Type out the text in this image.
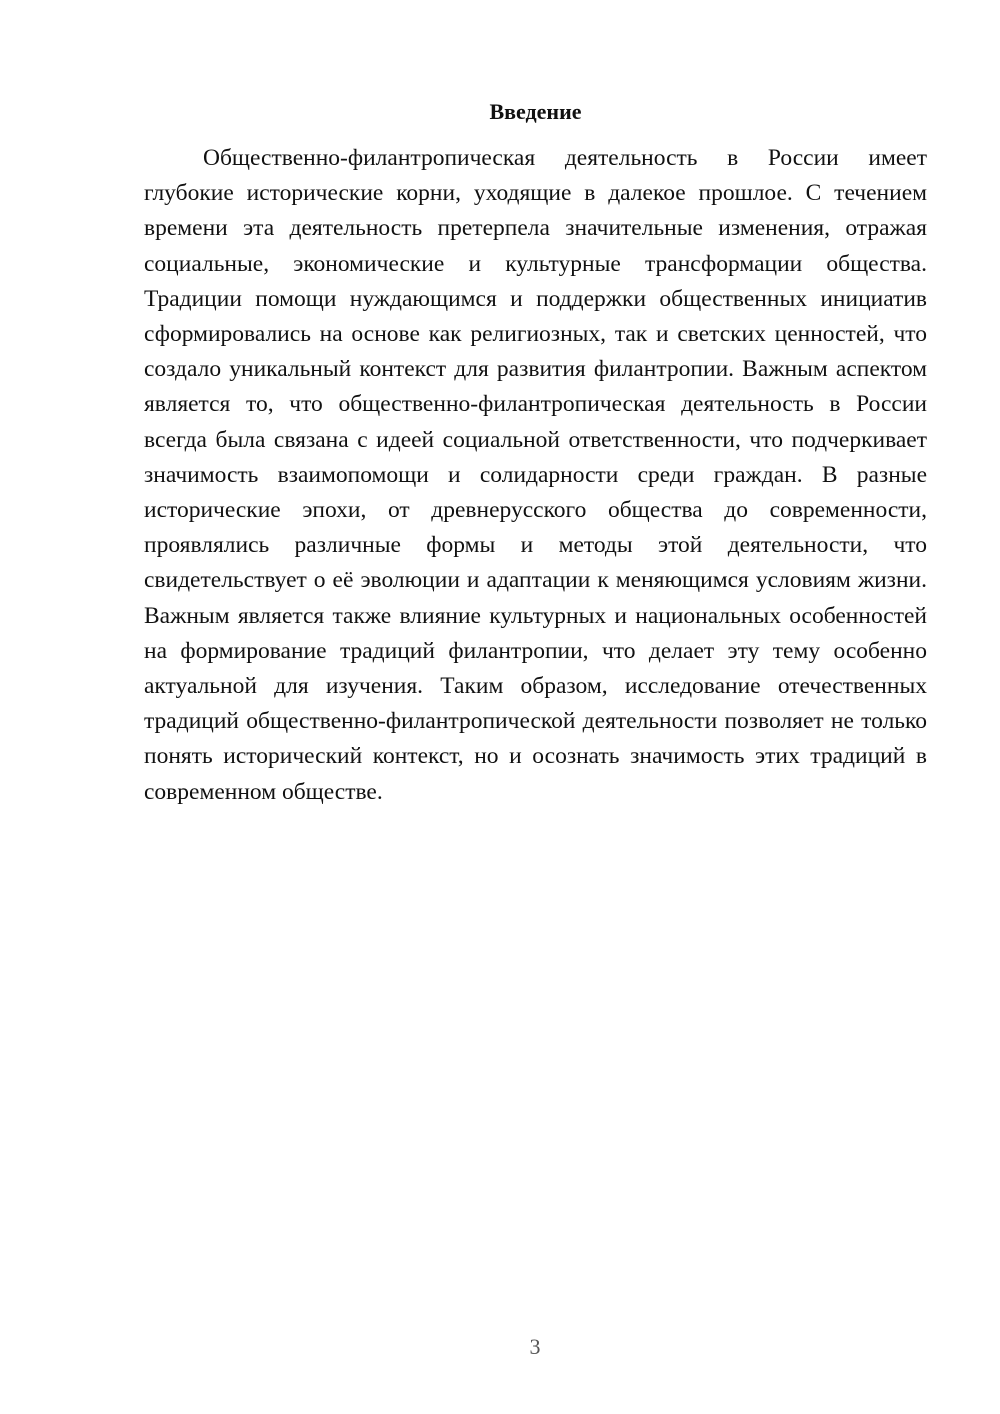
Введение

Общественно-филантропическая деятельность в России имеет глубокие исторические корни, уходящие в далекое прошлое. С течением времени эта деятельность претерпела значительные изменения, отражая социальные, экономические и культурные трансформации общества. Традиции помощи нуждающимся и поддержки общественных инициатив сформировались на основе как религиозных, так и светских ценностей, что создало уникальный контекст для развития филантропии. Важным аспектом является то, что общественно-филантропическая деятельность в России всегда была связана с идеей социальной ответственности, что подчеркивает значимость взаимопомощи и солидарности среди граждан. В разные исторические эпохи, от древнерусского общества до современности, проявлялись различные формы и методы этой деятельности, что свидетельствует о её эволюции и адаптации к меняющимся условиям жизни. Важным является также влияние культурных и национальных особенностей на формирование традиций филантропии, что делает эту тему особенно актуальной для изучения. Таким образом, исследование отечественных традиций общественно-филантропической деятельности позволяет не только понять исторический контекст, но и осознать значимость этих традиций в современном обществе.

3
